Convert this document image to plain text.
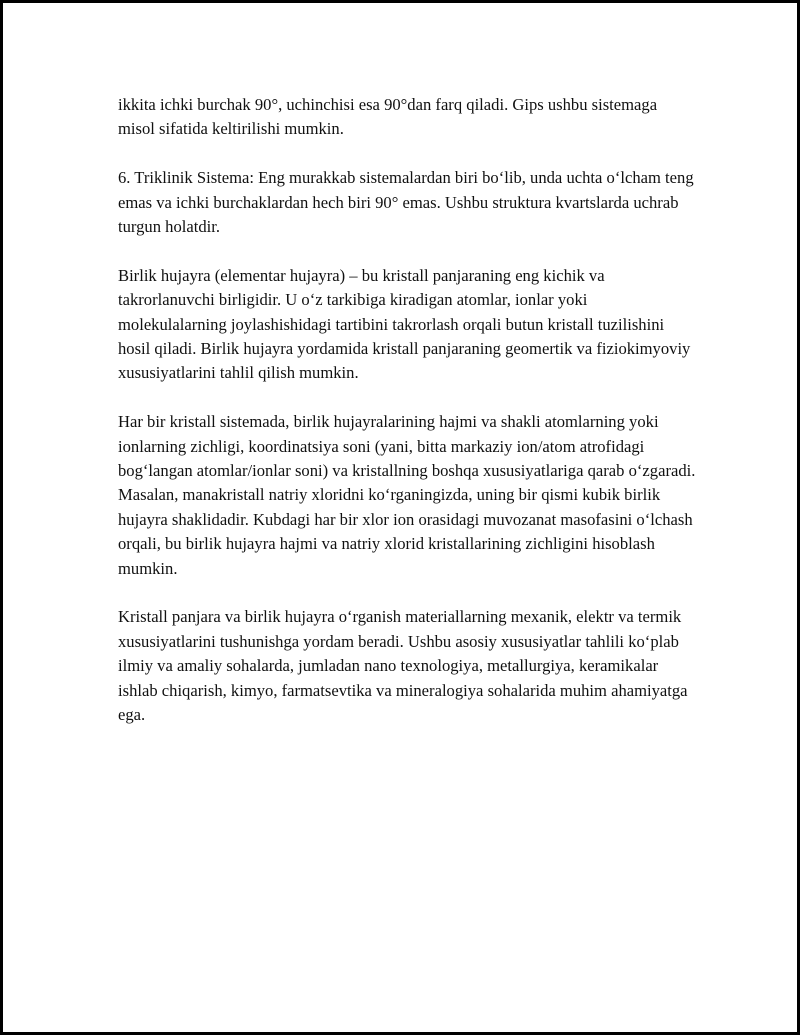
ikkita ichki burchak 90°, uchinchisi esa 90°dan farq qiladi. Gips ushbu sistemaga misol sifatida keltirilishi mumkin.

6. Triklinik Sistema: Eng murakkab sistemalardan biri bo‘lib, unda uchta o‘lcham teng emas va ichki burchaklardan hech biri 90° emas. Ushbu struktura kvartslarda uchrab turgun holatdir.

Birlik hujayra (elementar hujayra) – bu kristall panjaraning eng kichik va takrorlanuvchi birligidir. U o‘z tarkibiga kiradigan atomlar, ionlar yoki molekulalarning joylashishidagi tartibini takrorlash orqali butun kristall tuzilishini hosil qiladi. Birlik hujayra yordamida kristall panjaraning geomertik va fiziokimyoviy xususiyatlarini tahlil qilish mumkin.

Har bir kristall sistemada, birlik hujayralarining hajmi va shakli atomlarning yoki ionlarning zichligi, koordinatsiya soni (yani, bitta markaziy ion/atom atrofidagi bog‘langan atomlar/ionlar soni) va kristallning boshqa xususiyatlariga qarab o‘zgaradi. Masalan, manakristall natriy xloridni ko‘rganingizda, uning bir qismi kubik birlik hujayra shaklidadir. Kubdagi har bir xlor ion orasidagi muvozanat masofasini o‘lchash orqali, bu birlik hujayra hajmi va natriy xlorid kristallarining zichligini hisoblash mumkin.

Kristall panjara va birlik hujayra o‘rganish materiallarning mexanik, elektr va termik xususiyatlarini tushunishga yordam beradi. Ushbu asosiy xususiyatlar tahlili ko‘plab ilmiy va amaliy sohalarda, jumladan nano texnologiya, metallurgiya, keramikalar ishlab chiqarish, kimyo, farmatsevtika va mineralogiya sohalarida muhim ahamiyatga ega.
